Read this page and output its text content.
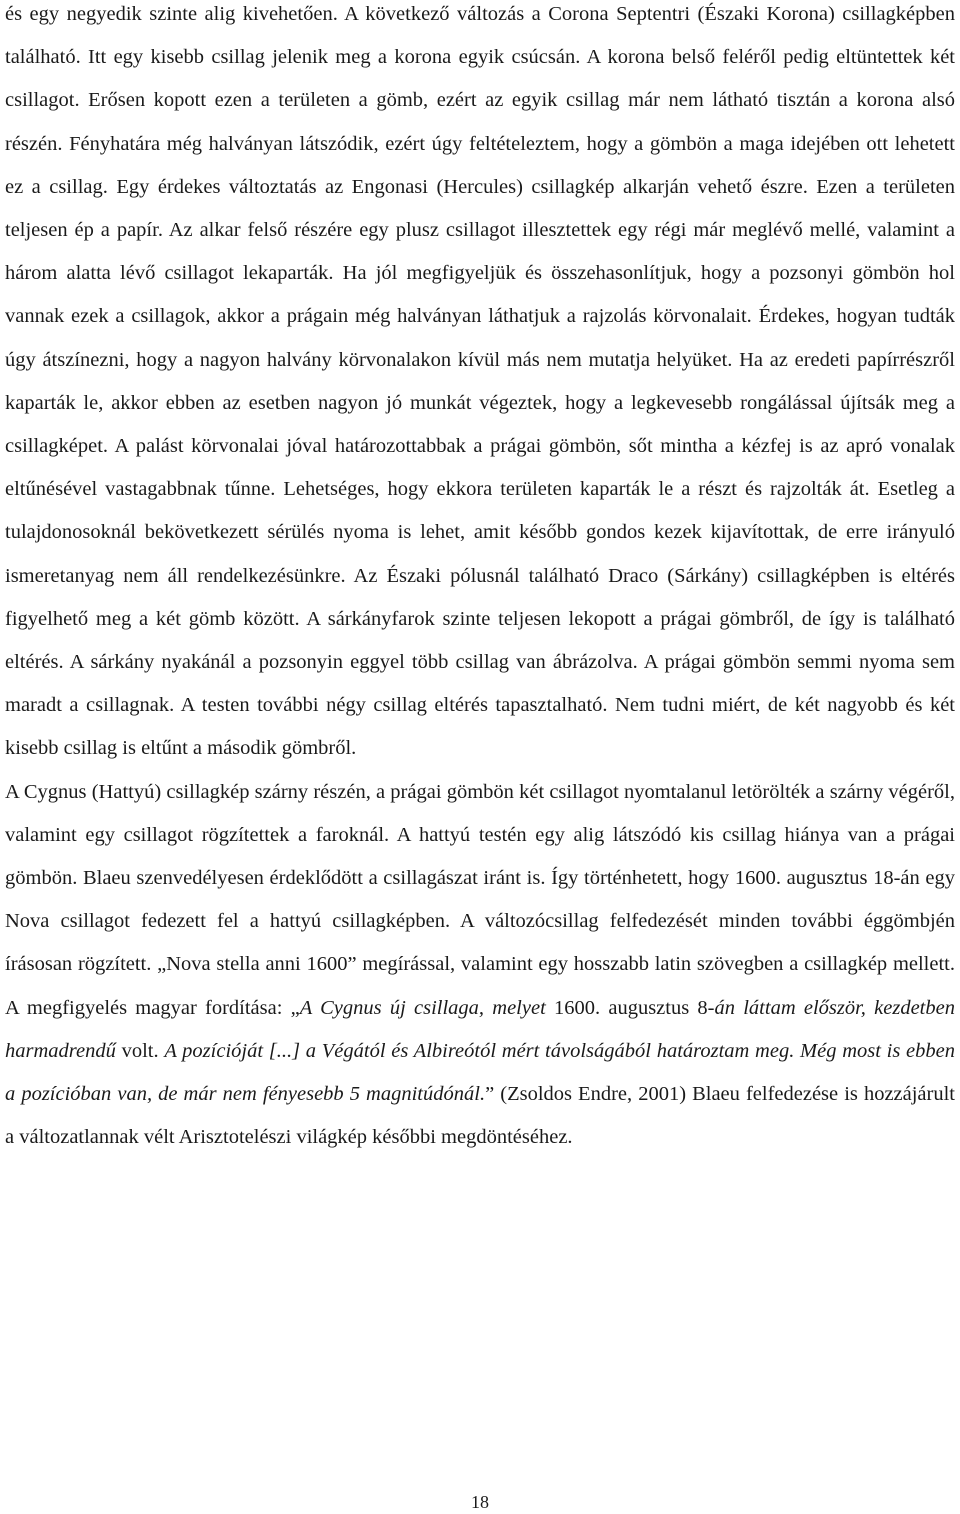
és egy negyedik szinte alig kivehetően. A következő változás a Corona Septentri (Északi Korona) csillagképben található. Itt egy kisebb csillag jelenik meg a korona egyik csúcsán. A korona belső feléről pedig eltüntettek két csillagot. Erősen kopott ezen a területen a gömb, ezért az egyik csillag már nem látható tisztán a korona alsó részén. Fényhatára még halványan látszódik, ezért úgy feltételeztem, hogy a gömbön a maga idejében ott lehetett ez a csillag. Egy érdekes változtatás az Engonasi (Hercules) csillagkép alkarján vehető észre. Ezen a területen teljesen ép a papír. Az alkar felső részére egy plusz csillagot illesztettek egy régi már meglévő mellé, valamint a három alatta lévő csillagot lekaparták. Ha jól megfigyeljük és összehasonlítjuk, hogy a pozsonyi gömbön hol vannak ezek a csillagok, akkor a prágain még halványan láthatjuk a rajzolás körvonalait. Érdekes, hogyan tudták úgy átszínezni, hogy a nagyon halvány körvonalakon kívül más nem mutatja helyüket. Ha az eredeti papírrészről kaparták le, akkor ebben az esetben nagyon jó munkát végeztek, hogy a legkevesebb rongálással újítsák meg a csillagképet. A palást körvonalai jóval határozottabbak a prágai gömbön, sőt mintha a kézfej is az apró vonalak eltűnésével vastagabbnak tűnne. Lehetséges, hogy ekkora területen kaparták le a részt és rajzolták át. Esetleg a tulajdonosoknál bekövetkezett sérülés nyoma is lehet, amit később gondos kezek kijavítottak, de erre irányuló ismeretanyag nem áll rendelkezésünkre. Az Északi pólusnál található Draco (Sárkány) csillagképben is eltérés figyelhető meg a két gömb között. A sárkányfarok szinte teljesen lekopott a prágai gömbről, de így is található eltérés. A sárkány nyakánál a pozsonyin eggyel több csillag van ábrázolva. A prágai gömbön semmi nyoma sem maradt a csillagnak. A testen további négy csillag eltérés tapasztalható. Nem tudni miért, de két nagyobb és két kisebb csillag is eltűnt a második gömbről.

A Cygnus (Hattyú) csillagkép szárny részén, a prágai gömbön két csillagot nyomtalanul letörölték a szárny végéről, valamint egy csillagot rögzítettek a faroknál. A hattyú testén egy alig látszódó kis csillag hiánya van a prágai gömbön. Blaeu szenvedélyesen érdeklődött a csillagászat iránt is. Így történhetett, hogy 1600. augusztus 18-án egy Nova csillagot fedezett fel a hattyú csillagképben. A változócsillag felfedezését minden további éggömbjén írásosan rögzített. „Nova stella anni 1600” megírással, valamint egy hosszabb latin szövegben a csillagkép mellett. A megfigyelés magyar fordítása: „A Cygnus új csillaga, melyet 1600. augusztus 8-án láttam először, kezdetben harmadrendű volt. A pozícióját [...] a Végától és Albireótól mért távolságából határoztam meg. Még most is ebben a pozícióban van, de már nem fényesebb 5 magnitúdónál.” (Zsoldos Endre, 2001) Blaeu felfedezése is hozzájárult a változatlannak vélt Arisztotelészi világkép későbbi megdöntéséhez.

18
